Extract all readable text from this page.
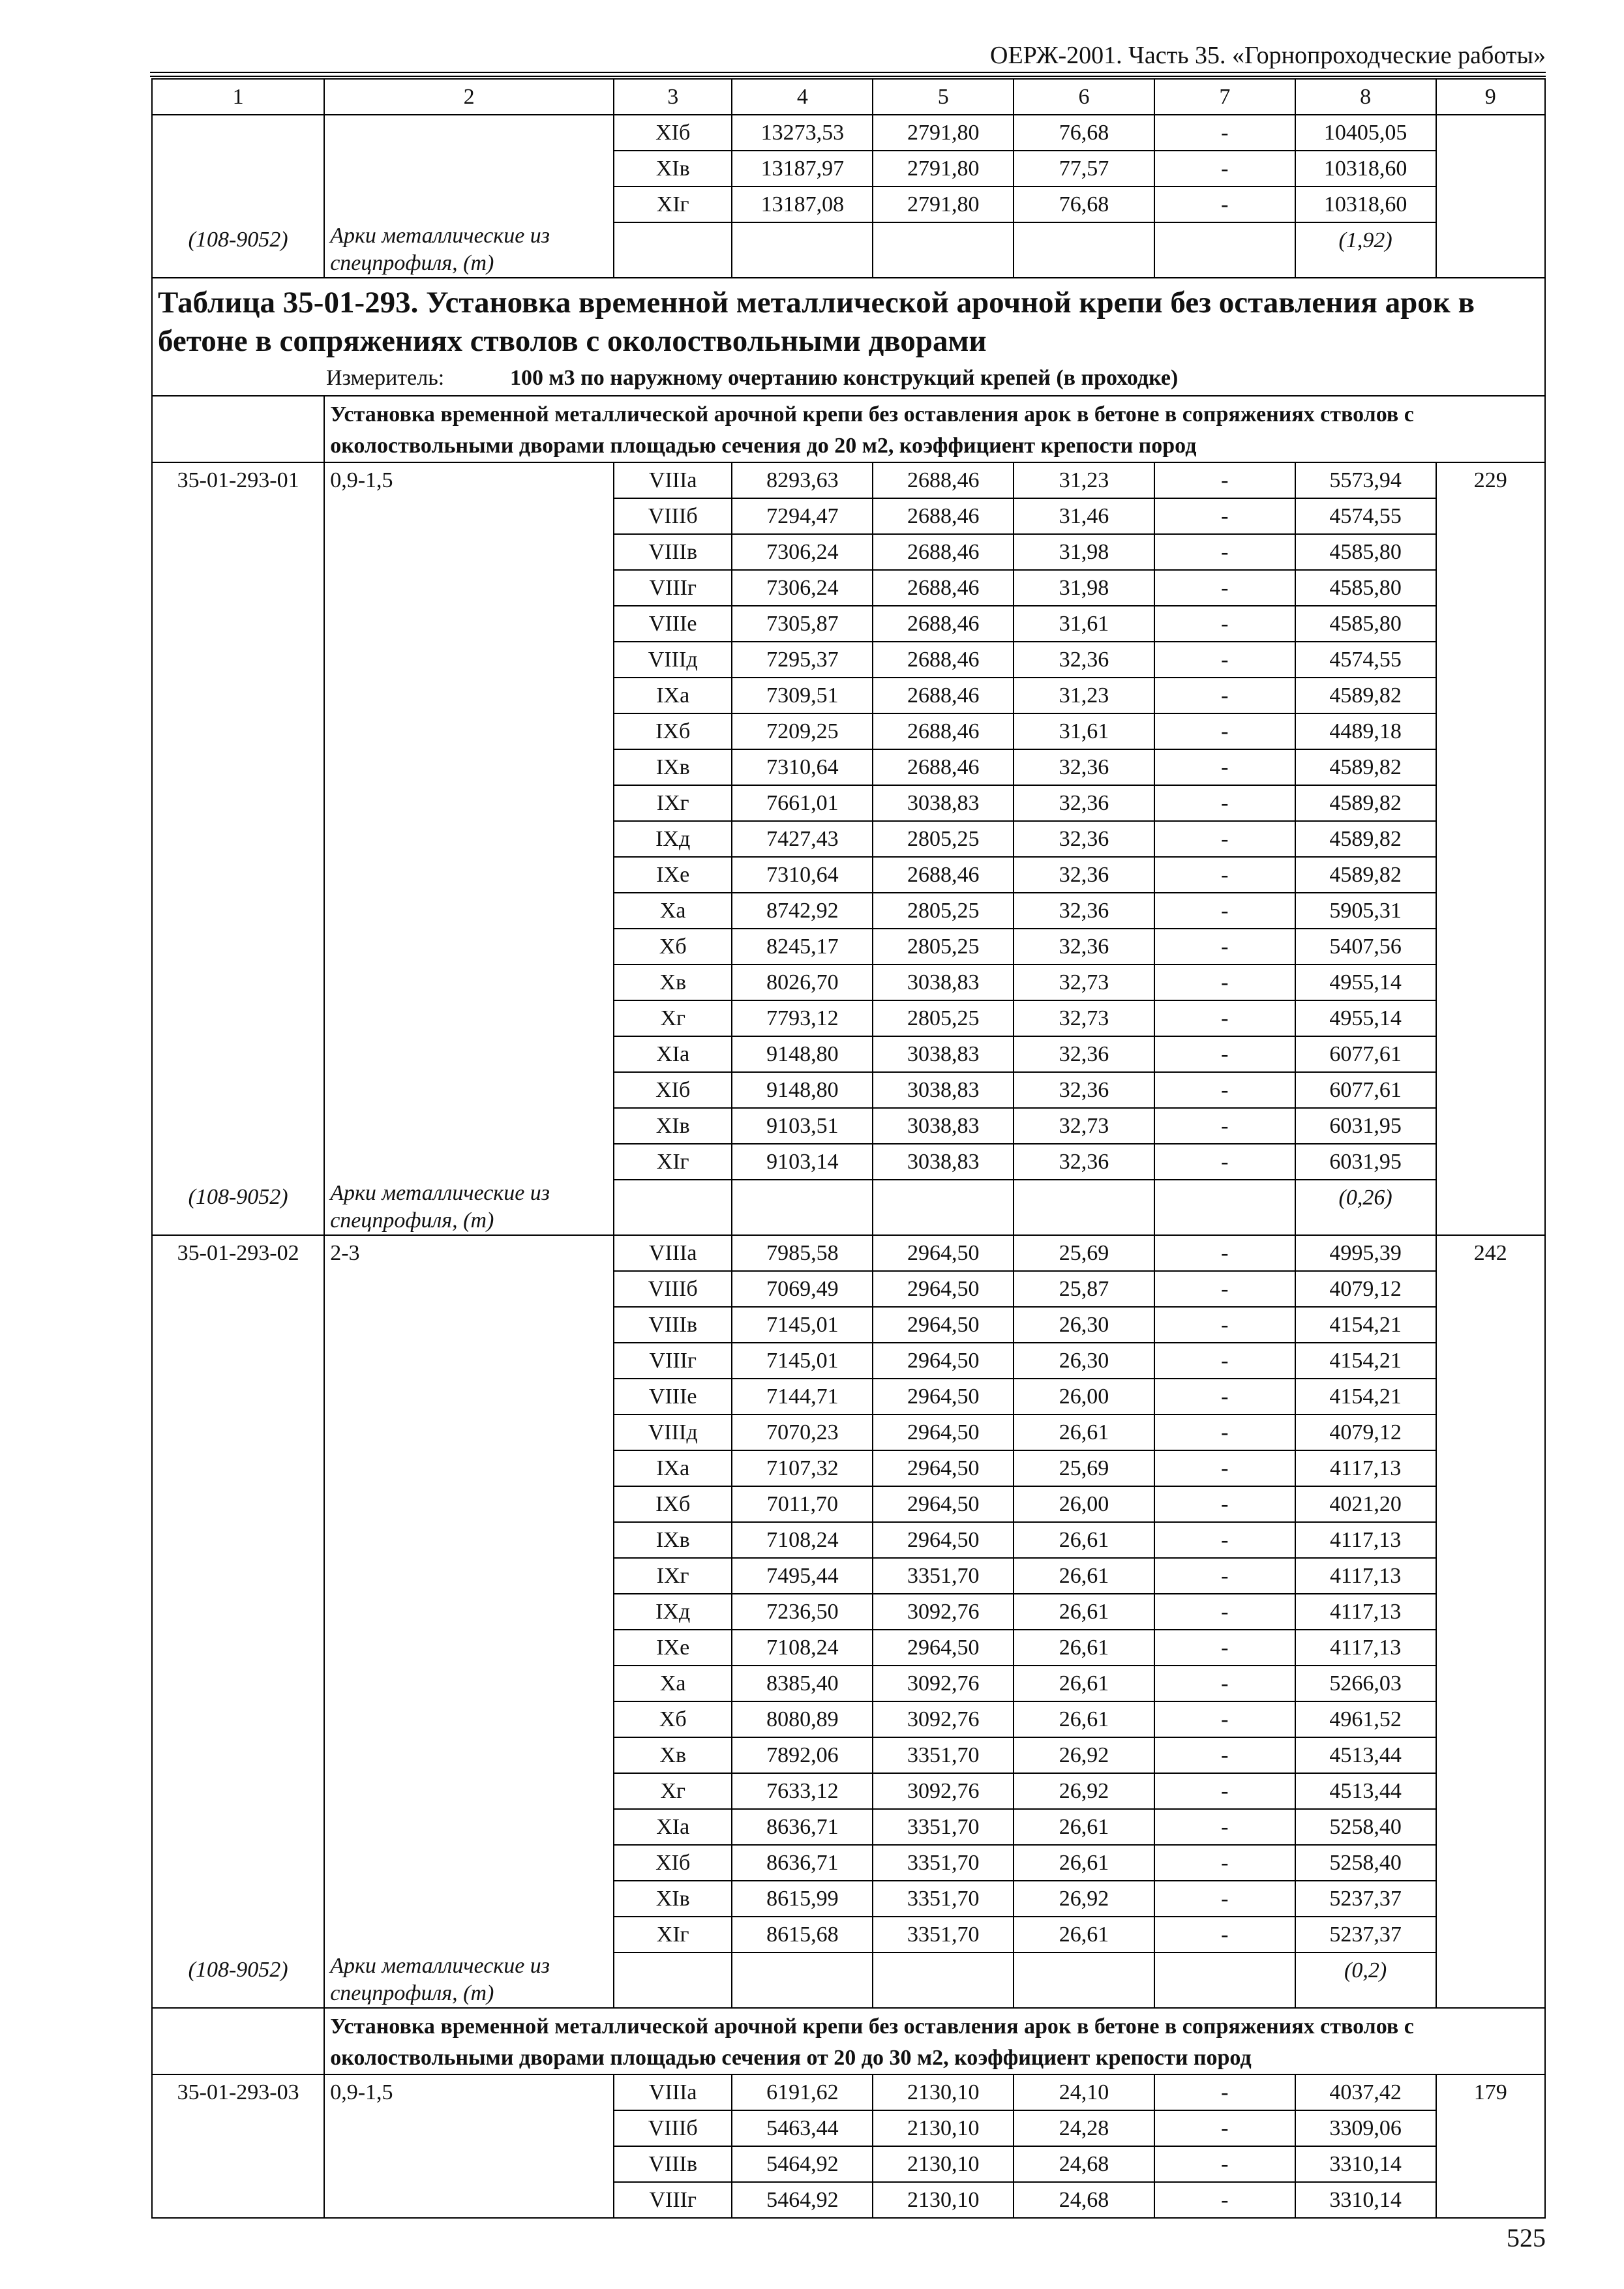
ОЕРЖ-2001. Часть 35. «Горнопроходческие работы»
1	2	3	4	5	6	7	8	9
		XIб	13273,53	2791,80	76,68	-	10405,05	
		XIв	13187,97	2791,80	77,57	-	10318,60	
		XIг	13187,08	2791,80	76,68	-	10318,60	
(108-9052)	Арки металлические из спецпрофиля, (т)						(1,92)	
Таблица 35-01-293. Установка временной металлической арочной крепи без оставления арок в бетоне в сопряжениях стволов с околоствольными дворами								
Измеритель: 100 м3 по наружному очертанию конструкций крепей (в проходке)								
	Установка временной металлической арочной крепи без оставления арок в бетоне в сопряжениях стволов с околоствольными дворами площадью сечения до 20 м2, коэффициент крепости пород							
35-01-293-01	0,9-1,5	VIIIa	8293,63	2688,46	31,23	-	5573,94	229
		VIIIб	7294,47	2688,46	31,46	-	4574,55	
		VIIIв	7306,24	2688,46	31,98	-	4585,80	
		VIIIг	7306,24	2688,46	31,98	-	4585,80	
		VIIIе	7305,87	2688,46	31,61	-	4585,80	
		VIIIд	7295,37	2688,46	32,36	-	4574,55	
		IXa	7309,51	2688,46	31,23	-	4589,82	
		IXб	7209,25	2688,46	31,61	-	4489,18	
		IXв	7310,64	2688,46	32,36	-	4589,82	
		IXг	7661,01	3038,83	32,36	-	4589,82	
		IXд	7427,43	2805,25	32,36	-	4589,82	
		IXе	7310,64	2688,46	32,36	-	4589,82	
		Xa	8742,92	2805,25	32,36	-	5905,31	
		Xб	8245,17	2805,25	32,36	-	5407,56	
		Xв	8026,70	3038,83	32,73	-	4955,14	
		Xг	7793,12	2805,25	32,73	-	4955,14	
		XIa	9148,80	3038,83	32,36	-	6077,61	
		XIб	9148,80	3038,83	32,36	-	6077,61	
		XIв	9103,51	3038,83	32,73	-	6031,95	
		XIг	9103,14	3038,83	32,36	-	6031,95	
(108-9052)	Арки металлические из спецпрофиля, (т)						(0,26)	
35-01-293-02	2-3	VIIIa	7985,58	2964,50	25,69	-	4995,39	242
		VIIIб	7069,49	2964,50	25,87	-	4079,12	
		VIIIв	7145,01	2964,50	26,30	-	4154,21	
		VIIIг	7145,01	2964,50	26,30	-	4154,21	
		VIIIе	7144,71	2964,50	26,00	-	4154,21	
		VIIIд	7070,23	2964,50	26,61	-	4079,12	
		IXa	7107,32	2964,50	25,69	-	4117,13	
		IXб	7011,70	2964,50	26,00	-	4021,20	
		IXв	7108,24	2964,50	26,61	-	4117,13	
		IXг	7495,44	3351,70	26,61	-	4117,13	
		IXд	7236,50	3092,76	26,61	-	4117,13	
		IXе	7108,24	2964,50	26,61	-	4117,13	
		Xa	8385,40	3092,76	26,61	-	5266,03	
		Xб	8080,89	3092,76	26,61	-	4961,52	
		Xв	7892,06	3351,70	26,92	-	4513,44	
		Xг	7633,12	3092,76	26,92	-	4513,44	
		XIa	8636,71	3351,70	26,61	-	5258,40	
		XIб	8636,71	3351,70	26,61	-	5258,40	
		XIв	8615,99	3351,70	26,92	-	5237,37	
		XIг	8615,68	3351,70	26,61	-	5237,37	
(108-9052)	Арки металлические из спецпрофиля, (т)						(0,2)	
	Установка временной металлической арочной крепи без оставления арок в бетоне в сопряжениях стволов с околоствольными дворами площадью сечения от 20 до 30 м2, коэффициент крепости пород							
35-01-293-03	0,9-1,5	VIIIa	6191,62	2130,10	24,10	-	4037,42	179
		VIIIб	5463,44	2130,10	24,28	-	3309,06	
		VIIIв	5464,92	2130,10	24,68	-	3310,14	
		VIIIг	5464,92	2130,10	24,68	-	3310,14	
525
